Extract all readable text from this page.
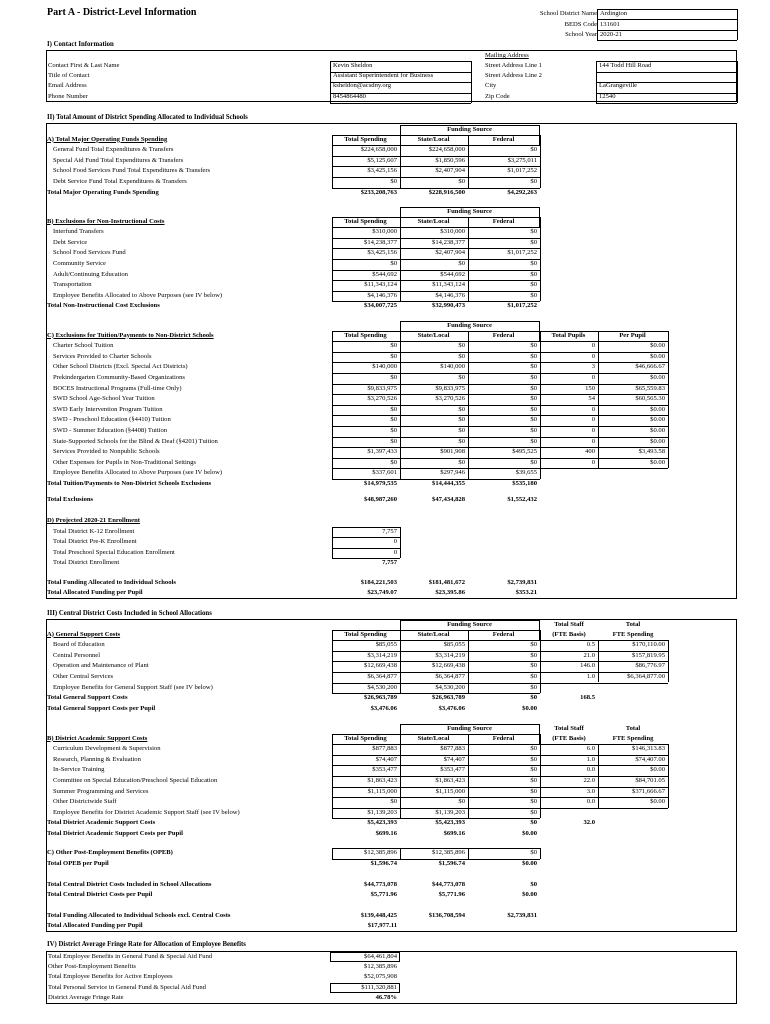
Part A - District-Level Information	School District Name Ardington
BEDS Code 131601
School Year 2020-21
I) Contact Information
Mailing Address
Contact First & Last Name	Kevin Sheldon
Title of Contact	Assistant Superintendent for Business
Email Address	ksheldon@acsdny.org
Phone Number	8454864480
Street Address Line 1	144 Todd Hill Road
Street Address Line 2
City	LaGrangeville
Zip Code	12540
II) Total Amount of District Spending Allocated to Individual Schools
Funding Source
A) Total Major Operating Funds Spending	Total Spending	State/Local	Federal
General Fund Total Expenditures & Transfers	$224,658,000	$224,658,000	$0
Special Aid Fund Total Expenditures & Transfers	$5,125,607	$1,850,596	$3,275,011
School Food Services Fund Total Expenditures & Transfers	$3,425,156	$2,407,904	$1,017,252
Debt Service Fund Total Expenditures & Transfers	$0	$0	$0
Total Major Operating Funds Spending	$233,208,763	$228,916,500	$4,292,263
Funding Source
B) Exclusions for Non-Instructional Costs	Total Spending	State/Local	Federal
Interfund Transfers	$310,000	$310,000	$0
Debt Service	$14,238,377	$14,238,377	$0
School Food Services Fund	$3,425,156	$2,407,904	$1,017,252
Community Service	$0	$0	$0
Adult/Continuing Education	$544,692	$544,692	$0
Transportation	$11,343,124	$11,343,124	$0
Employee Benefits Allocated to Above Purposes (see IV below)	$4,146,376	$4,146,376	$0
Total Non-Instructional Cost Exclusions	$34,007,725	$32,990,473	$1,017,252
Funding Source
C) Exclusions for Tuition/Payments to Non-District Schools	Total Spending	State/Local	Federal	Total Pupils	Per Pupil
Charter School Tuition	$0	$0	$0	0	$0.00
Services Provided to Charter Schools	$0	$0	$0	0	$0.00
Other School Districts (Excl. Special Act Districts)	$140,000	$140,000	$0	3	$46,666.67
Prekindergarten Community-Based Organizations	$0	$0	$0	0	$0.00
BOCES Instructional Programs (Full-time Only)	$9,833,975	$9,833,975	$0	150	$65,559.83
SWD School Age-School Year Tuition	$3,270,526	$3,270,526	$0	54	$60,565.30
SWD Early Intervention Program Tuition	$0	$0	$0	0	$0.00
SWD - Preschool Education (§4410) Tuition	$0	$0	$0	0	$0.00
SWD - Summer Education (§4408) Tuition	$0	$0	$0	0	$0.00
State-Supported Schools for the Blind & Deaf (§4201) Tuition	$0	$0	$0	0	$0.00
Services Provided to Nonpublic Schools	$1,397,433	$901,908	$495,525	400	$3,493.58
Other Expenses for Pupils in Non-Traditional Settings	$0	$0	$0	0	$0.00
Employee Benefits Allocated to Above Purposes (see IV below)	$337,601	$297,946	$39,655
Total Tuition/Payments to Non-District Schools Exclusions	$14,979,535	$14,444,355	$535,180
Total Exclusions	$48,987,260	$47,434,828	$1,552,432
D) Projected 2020-21 Enrollment
Total District K-12 Enrollment	7,757
Total District Pre-K Enrollment	0
Total Preschool Special Education Enrollment	0
Total District Enrollment	7,757
Total Funding Allocated to Individual Schools	$184,221,503	$181,481,672	$2,739,831
Total Allocated Funding per Pupil	$23,749.07	$23,395.86	$353.21
III) Central District Costs Included in School Allocations
Funding Source	Total Staff
(FTE Basis)
Total
FTE Spending
A) General Support Costs	Total Spending	State/Local	Federal
Board of Education	$85,055	$85,055	$0	0.5	$170,110.00
Central Personnel	$3,314,219	$3,314,219	$0	21.0	$157,819.95
Operation and Maintenance of Plant	$12,669,438	$12,669,438	$0	146.0	$86,776.97
Other Central Services	$6,364,877	$6,364,877	$0	1.0	$6,364,877.00
Employee Benefits for General Support Staff (see IV below)	$4,530,200	$4,530,200	$0
Total General Support Costs	$26,963,789	$26,963,789	$0	168.5
Total General Support Costs per Pupil	$3,476.06	$3,476.06	$0.00
Funding Source	Total Staff
(FTE Basis)
Total
FTE Spending
B) District Academic Support Costs	Total Spending	State/Local	Federal
Curriculum Development & Supervision	$877,883	$877,883	$0	6.0	$146,313.83
Research, Planning & Evaluation	$74,407	$74,407	$0	1.0	$74,407.00
In-Service Training	$353,477	$353,477	$0	0.0	$0.00
Committee on Special Education/Preschool Special Education	$1,863,423	$1,863,423	$0	22.0	$84,701.05
Summer Programming and Services	$1,115,000	$1,115,000	$0	3.0	$371,666.67
Other Districtwide Staff	$0	$0	$0	0.0	$0.00
Employee Benefits for District Academic Support Staff (see IV below)	$1,139,203	$1,139,203	$0
Total District Academic Support Costs	$5,423,393	$5,423,393	$0	32.0
Total District Academic Support Costs per Pupil	$699.16	$699.16	$0.00
C) Other Post-Employment Benefits (OPEB)	$12,385,896	$12,385,896	$0
Total OPEB per Pupil	$1,596.74	$1,596.74	$0.00
Total Central District Costs Included in School Allocations	$44,773,078	$44,773,078	$0
Total Central District Costs per Pupil	$5,771.96	$5,771.96	$0.00
Total Funding Allocated to Individual Schools excl. Central Costs	$139,448,425	$136,708,594	$2,739,831
Total Allocated Funding per Pupil	$17,977.11
IV) District Average Fringe Rate for Allocation of Employee Benefits
Total Employee Benefits in General Fund & Special Aid Fund	$64,461,804
Other Post-Employment Benefits	$12,385,896
Total Employee Benefits for Active Employees	$52,075,908
Total Personal Service in General Fund & Special Aid Fund	$111,320,881
District Average Fringe Rate	46.78%
